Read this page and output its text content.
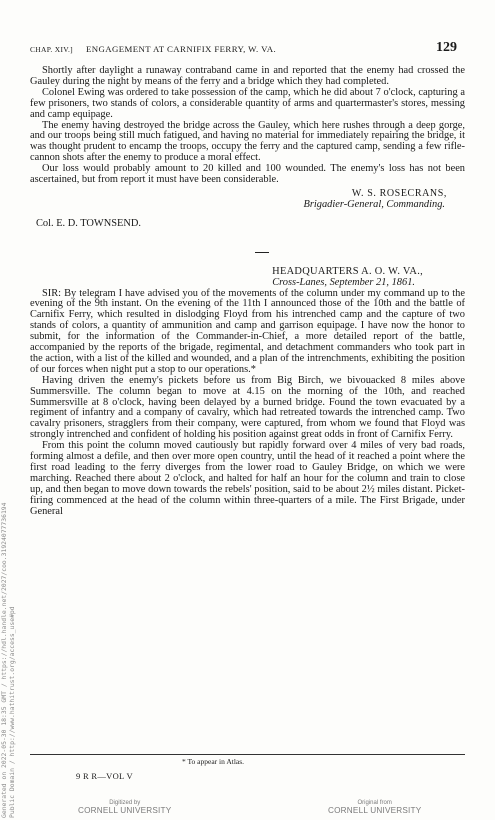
CHAP. XIV.] ENGAGEMENT AT CARNIFIX FERRY, W. VA.	129

Shortly after daylight a runaway contraband came in and reported that the enemy had crossed the Gauley during the night by means of the ferry and a bridge which they had completed.

Colonel Ewing was ordered to take possession of the camp, which he did about 7 o'clock, capturing a few prisoners, two stands of colors, a considerable quantity of arms and quartermaster's stores, messing and camp equipage.

The enemy having destroyed the bridge across the Gauley, which here rushes through a deep gorge, and our troops being still much fatigued, and having no material for immediately repairing the bridge, it was thought prudent to encamp the troops, occupy the ferry and the captured camp, sending a few rifle-cannon shots after the enemy to produce a moral effect.

Our loss would probably amount to 20 killed and 100 wounded. The enemy's loss has not been ascertained, but from report it must have been considerable.

W. S. ROSECRANS,
Brigadier-General, Commanding.
Col. E. D. TOWNSEND.
HEADQUARTERS A. O. W. VA.,
Cross-Lanes, September 21, 1861.

SIR: By telegram I have advised you of the movements of the column under my command up to the evening of the 9th instant. On the evening of the 11th I announced those of the 10th and the battle of Carnifix Ferry, which resulted in dislodging Floyd from his intrenched camp and the capture of two stands of colors, a quantity of ammunition and camp and garrison equipage. I have now the honor to submit, for the information of the Commander-in-Chief, a more detailed report of the battle, accompanied by the reports of the brigade, regimental, and detachment commanders who took part in the action, with a list of the killed and wounded, and a plan of the intrenchments, exhibiting the position of our forces when night put a stop to our operations.*

Having driven the enemy's pickets before us from Big Birch, we bivouacked 8 miles above Summersville. The column began to move at 4.15 on the morning of the 10th, and reached Summersville at 8 o'clock, having been delayed by a burned bridge. Found the town evacuated by a regiment of infantry and a company of cavalry, which had retreated towards the intrenched camp. Two cavalry prisoners, stragglers from their company, were captured, from whom we found that Floyd was strongly intrenched and confident of holding his position against great odds in front of Carnifix Ferry.

From this point the column moved cautiously but rapidly forward over 4 miles of very bad roads, forming almost a defile, and then over more open country, until the head of it reached a point where the first road leading to the ferry diverges from the lower road to Gauley Bridge, on which we were marching. Reached there about 2 o'clock, and halted for half an hour for the column and train to close up, and then began to move down towards the rebels' position, said to be about 2½ miles distant. Picket-firing commenced at the head of the column within three-quarters of a mile. The First Brigade, under General

* To appear in Atlas.
9 R R—VOL V
Generated on 2022-05-30 18:35 GMT / https://hdl.handle.net/2027/coo.31924077736194 Public Domain / http://www.hathitrust.org/access_use#pd	Digitized by
CORNELL UNIVERSITY
Original from
CORNELL UNIVERSITY
